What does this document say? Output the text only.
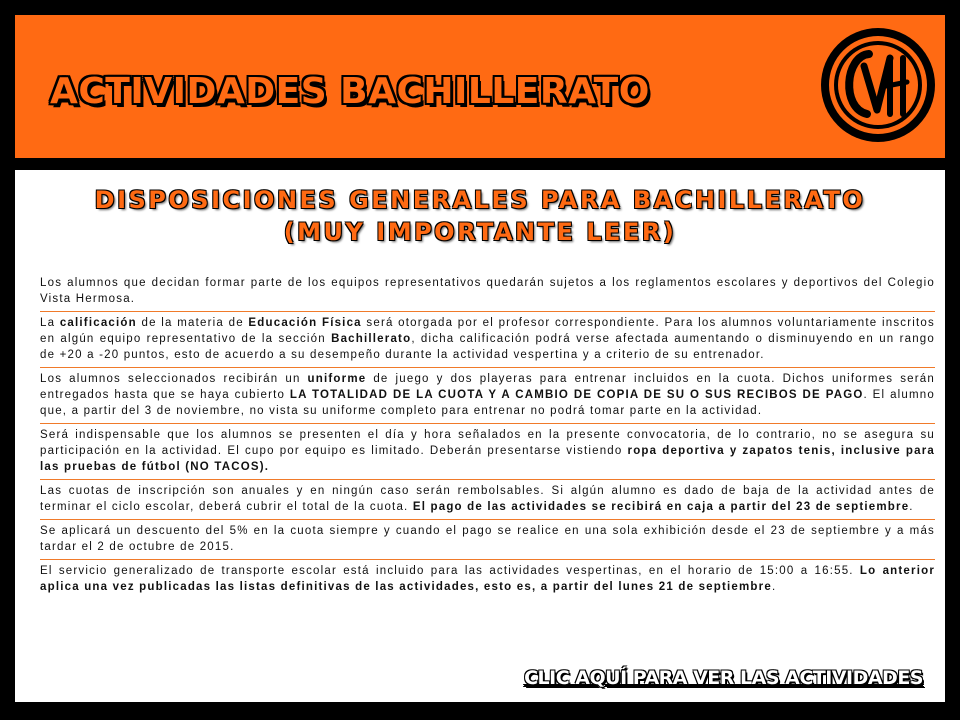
ACTIVIDADES BACHILLERATO
DISPOSICIONES GENERALES PARA BACHILLERATO
(MUY IMPORTANTE LEER)
Los alumnos que decidan formar parte de los equipos representativos quedarán sujetos a los reglamentos escolares y deportivos del Colegio Vista Hermosa.
La calificación de la materia de Educación Física será otorgada por el profesor correspondiente. Para los alumnos voluntariamente inscritos en algún equipo representativo de la sección Bachillerato, dicha calificación podrá verse afectada aumentando o disminuyendo en un rango de +20 a -20 puntos, esto de acuerdo a su desempeño durante la actividad vespertina y a criterio de su entrenador.
Los alumnos seleccionados recibirán un uniforme de juego y dos playeras para entrenar incluidos en la cuota. Dichos uniformes serán entregados hasta que se haya cubierto LA TOTALIDAD DE LA CUOTA Y A CAMBIO DE COPIA DE SU O SUS RECIBOS DE PAGO. El alumno que, a partir del 3 de noviembre, no vista su uniforme completo para entrenar no podrá tomar parte en la actividad.
Será indispensable que los alumnos se presenten el día y hora señalados en la presente convocatoria, de lo contrario, no se asegura su participación en la actividad. El cupo por equipo es limitado. Deberán presentarse vistiendo ropa deportiva y zapatos tenis, inclusive para las pruebas de fútbol (NO TACOS).
Las cuotas de inscripción son anuales y en ningún caso serán rembolsables. Si algún alumno es dado de baja de la actividad antes de terminar el ciclo escolar, deberá cubrir el total de la cuota. El pago de las actividades se recibirá en caja a partir del 23 de septiembre.
Se aplicará un descuento del 5% en la cuota siempre y cuando el pago se realice en una sola exhibición desde el 23 de septiembre y a más tardar el 2 de octubre de 2015.
El servicio generalizado de transporte escolar está incluido para las actividades vespertinas, en el horario de 15:00 a 16:55. Lo anterior aplica una vez publicadas las listas definitivas de las actividades, esto es, a partir del lunes 21 de septiembre.
CLIC AQUÍ PARA VER LAS ACTIVIDADES
